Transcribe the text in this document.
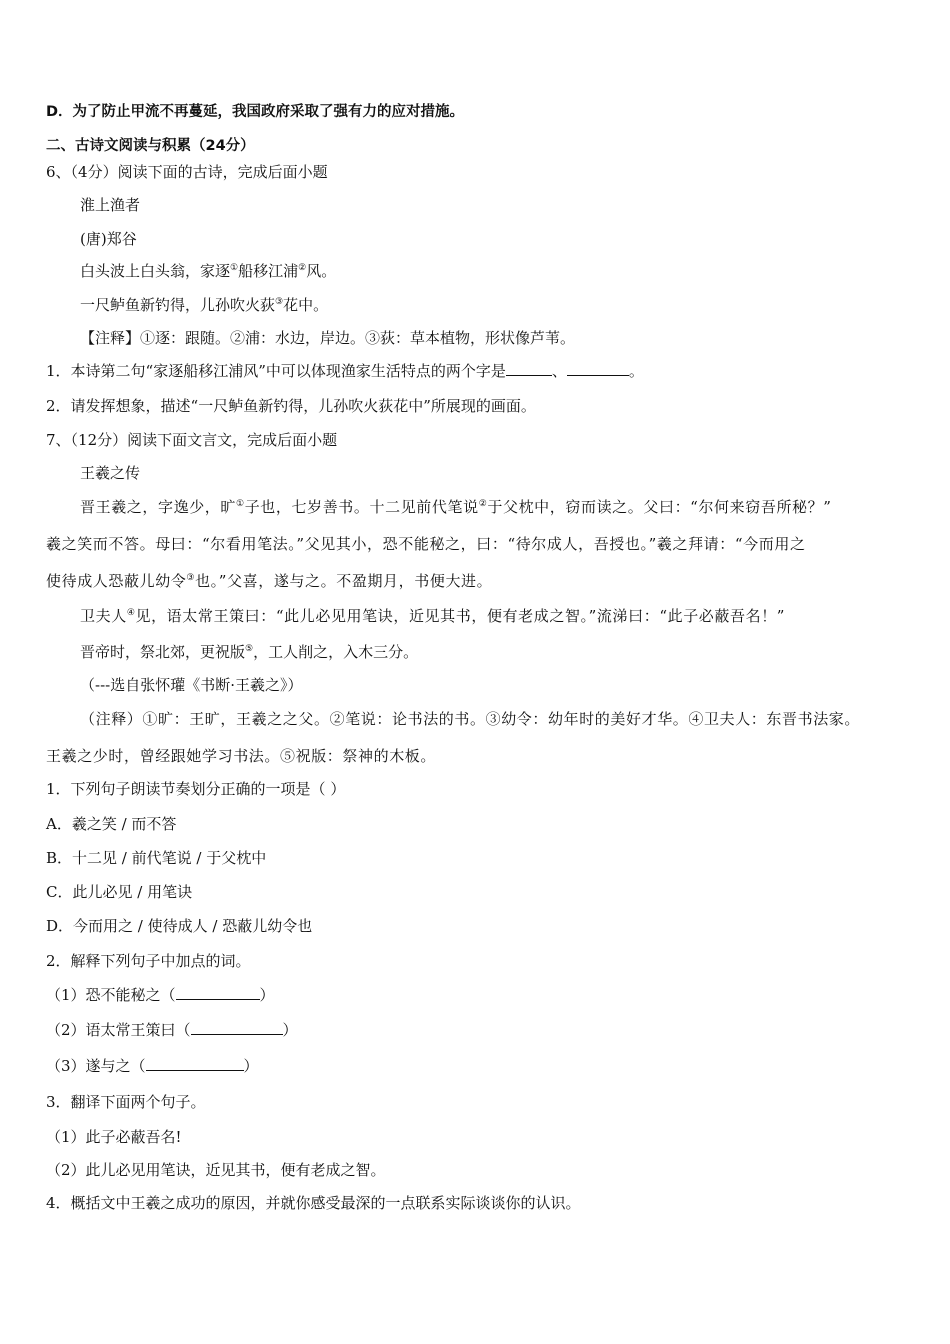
D．为了防止甲流不再蔓延，我国政府采取了强有力的应对措施。
二、古诗文阅读与积累（24分）
6、（4分）阅读下面的古诗，完成后面小题
淮上渔者
(唐)郑谷
白头波上白头翁，家逐①船移江浦②风。
一尺鲈鱼新钓得，儿孙吹火荻③花中。
【注释】①逐：跟随。②浦：水边，岸边。③荻：草本植物，形状像芦苇。
1．本诗第二句“家逐船移江浦风”中可以体现渔家生活特点的两个字是	、	。
2．请发挥想象，描述“一尺鲈鱼新钓得，儿孙吹火荻花中”所展现的画面。
7、（12分）阅读下面文言文，完成后面小题
王羲之传
晋王羲之，字逸少，旷①子也，七岁善书。十二见前代笔说②于父枕中，窃而读之。父曰：“尔何来窃吾所秘？”
羲之笑而不答。母曰：“尔看用笔法。”父见其小，恐不能秘之，曰：“待尔成人，吾授也。”羲之拜请：“今而用之
使待成人恐蔽儿幼令③也。”父喜，遂与之。不盈期月，书便大进。
卫夫人④见，语太常王策曰：“此儿必见用笔诀，近见其书，便有老成之智。”流涕曰：“此子必蔽吾名！”
晋帝时，祭北郊，更祝版⑤，工人削之，入木三分。
（---选自张怀瓘《书断·王羲之》）
（注释）①旷：王旷，王羲之之父。②笔说：论书法的书。③幼令：幼年时的美好才华。④卫夫人：东晋书法家。
王羲之少时，曾经跟她学习书法。⑤祝版：祭神的木板。
1．下列句子朗读节奏划分正确的一项是（ ）
A．羲之笑 / 而不答
B．十二见 / 前代笔说 / 于父枕中
C．此儿必见 / 用笔诀
D．今而用之 / 使待成人 / 恐蔽儿幼令也
2．解释下列句子中加点的词。
（1）恐不能秘之（	）
（2）语太常王策曰（	）
（3）遂与之（	）
3．翻译下面两个句子。
（1）此子必蔽吾名!
（2）此儿必见用笔诀，近见其书，便有老成之智。
4．概括文中王羲之成功的原因，并就你感受最深的一点联系实际谈谈你的认识。
